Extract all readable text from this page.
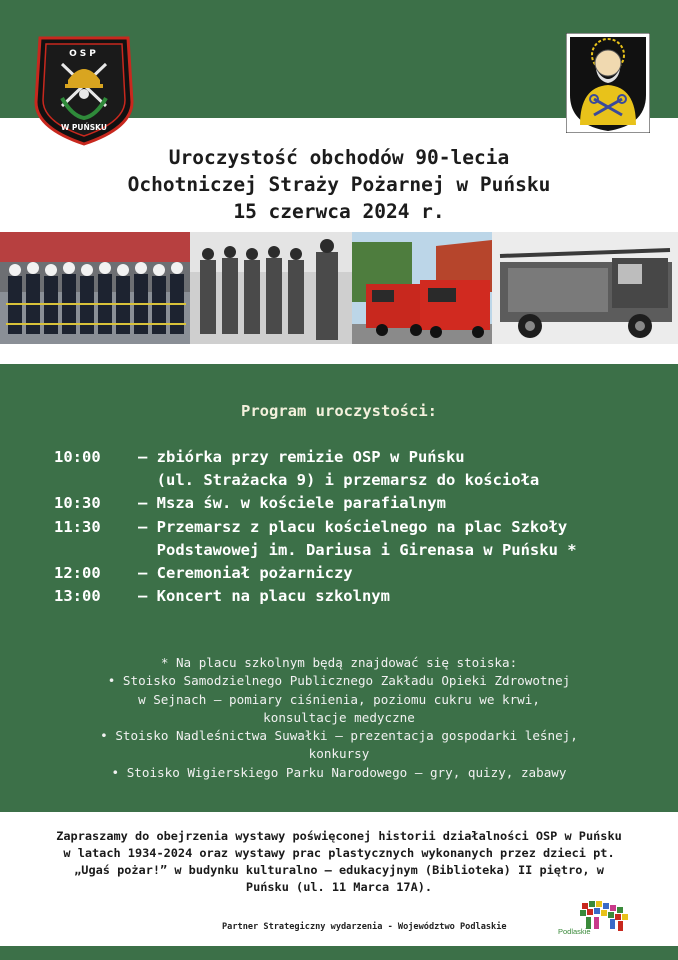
OSP
W PUŃSKU
Uroczystość obchodów 90-lecia
Ochotniczej Straży Pożarnej w Puńsku
15 czerwca 2024 r.
Program uroczystości:
10:00	– zbiórka przy remizie OSP w Puńsku
(ul. Strażacka 9) i przemarsz do kościoła
10:30	– Msza św. w kościele parafialnym
11:30	– Przemarsz z placu kościelnego na plac Szkoły
Podstawowej im. Dariusa i Girenasa w Puńsku *
12:00	– Ceremoniał pożarniczy
13:00	– Koncert na placu szkolnym
* Na placu szkolnym będą znajdować się stoiska:
• Stoisko Samodzielnego Publicznego Zakładu Opieki Zdrowotnej
w Sejnach – pomiary ciśnienia, poziomu cukru we krwi,
konsultacje medyczne
• Stoisko Nadleśnictwa Suwałki – prezentacja gospodarki leśnej,
konkursy
• Stoisko Wigierskiego Parku Narodowego – gry, quizy, zabawy
Zapraszamy do obejrzenia wystawy poświęconej historii działalności OSP w Puńsku
w latach 1934-2024 oraz wystawy prac plastycznych wykonanych przez dzieci pt.
„Ugaś pożar!” w budynku kulturalno – edukacyjnym (Biblioteka) II piętro, w
Puńsku (ul. 11 Marca 17A).
Partner Strategiczny wydarzenia - Województwo Podlaskie	Podlaskie
